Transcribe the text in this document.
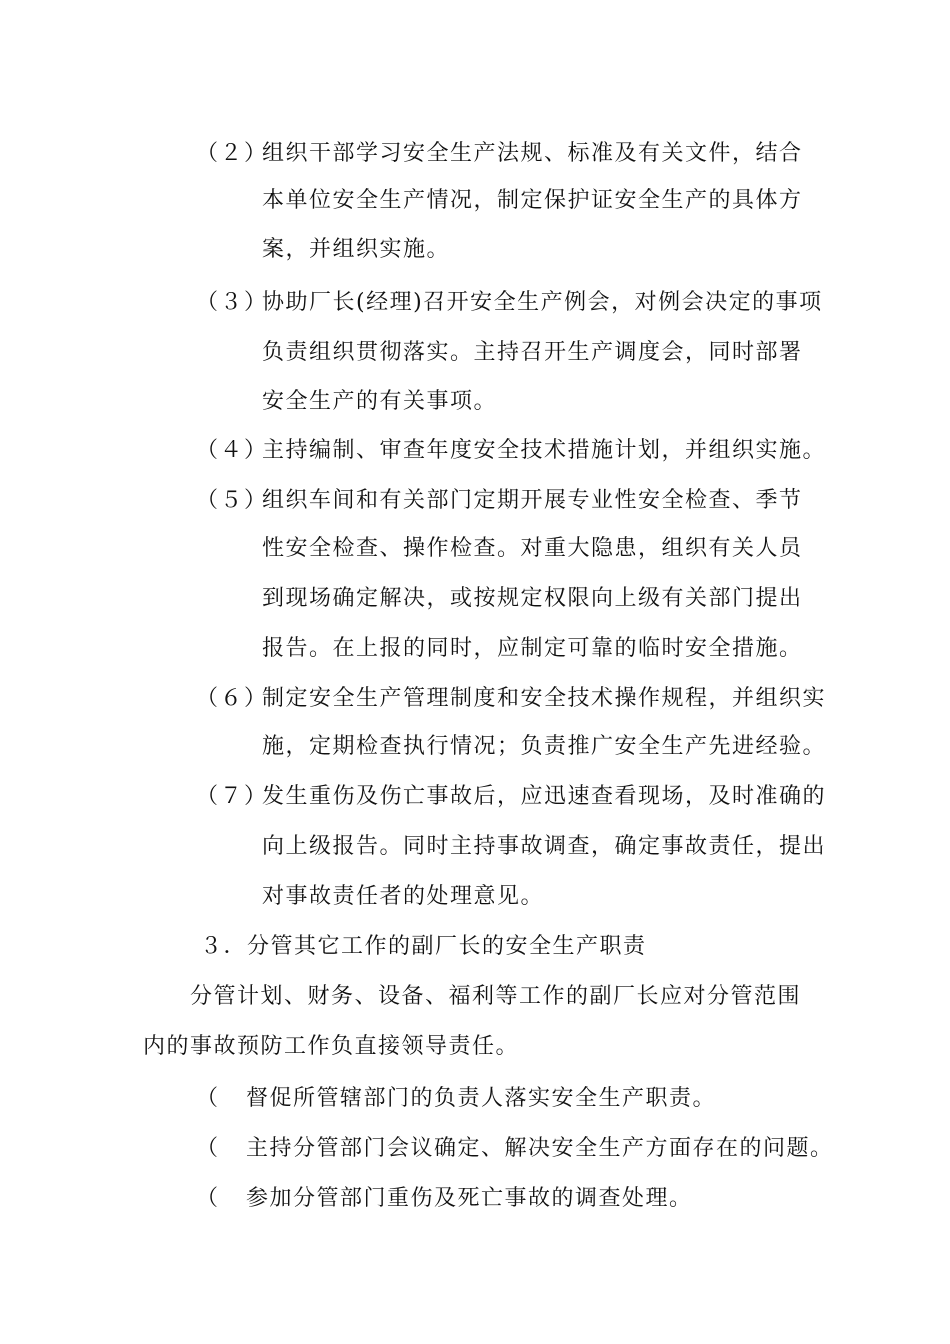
（２）
组织干部学习安全生产法规、标准及有关文件，结合
本单位安全生产情况，制定保护证安全生产的具体方
案，并组织实施。
（３）
协助厂长(经理)召开安全生产例会，对例会决定的事项
负责组织贯彻落实。主持召开生产调度会，同时部署
安全生产的有关事项。
（４）
主持编制、审查年度安全技术措施计划，并组织实施。
（５）
组织车间和有关部门定期开展专业性安全检查、季节
性安全检查、操作检查。对重大隐患，组织有关人员
到现场确定解决，或按规定权限向上级有关部门提出
报告。在上报的同时，应制定可靠的临时安全措施。
（６）
制定安全生产管理制度和安全技术操作规程，并组织实
施，定期检查执行情况；负责推广安全生产先进经验。
（７）
发生重伤及伤亡事故后，应迅速查看现场，及时准确的
向上级报告。同时主持事故调查，确定事故责任，提出
对事故责任者的处理意见。
３．分管其它工作的副厂长的安全生产职责
分管计划、财务、设备、福利等工作的副厂长应对分管范围
内的事故预防工作负直接领导责任。
（ 督促所管辖部门的负责人落实安全生产职责。
（ 主持分管部门会议确定、解决安全生产方面存在的问题。
（ 参加分管部门重伤及死亡事故的调查处理。
